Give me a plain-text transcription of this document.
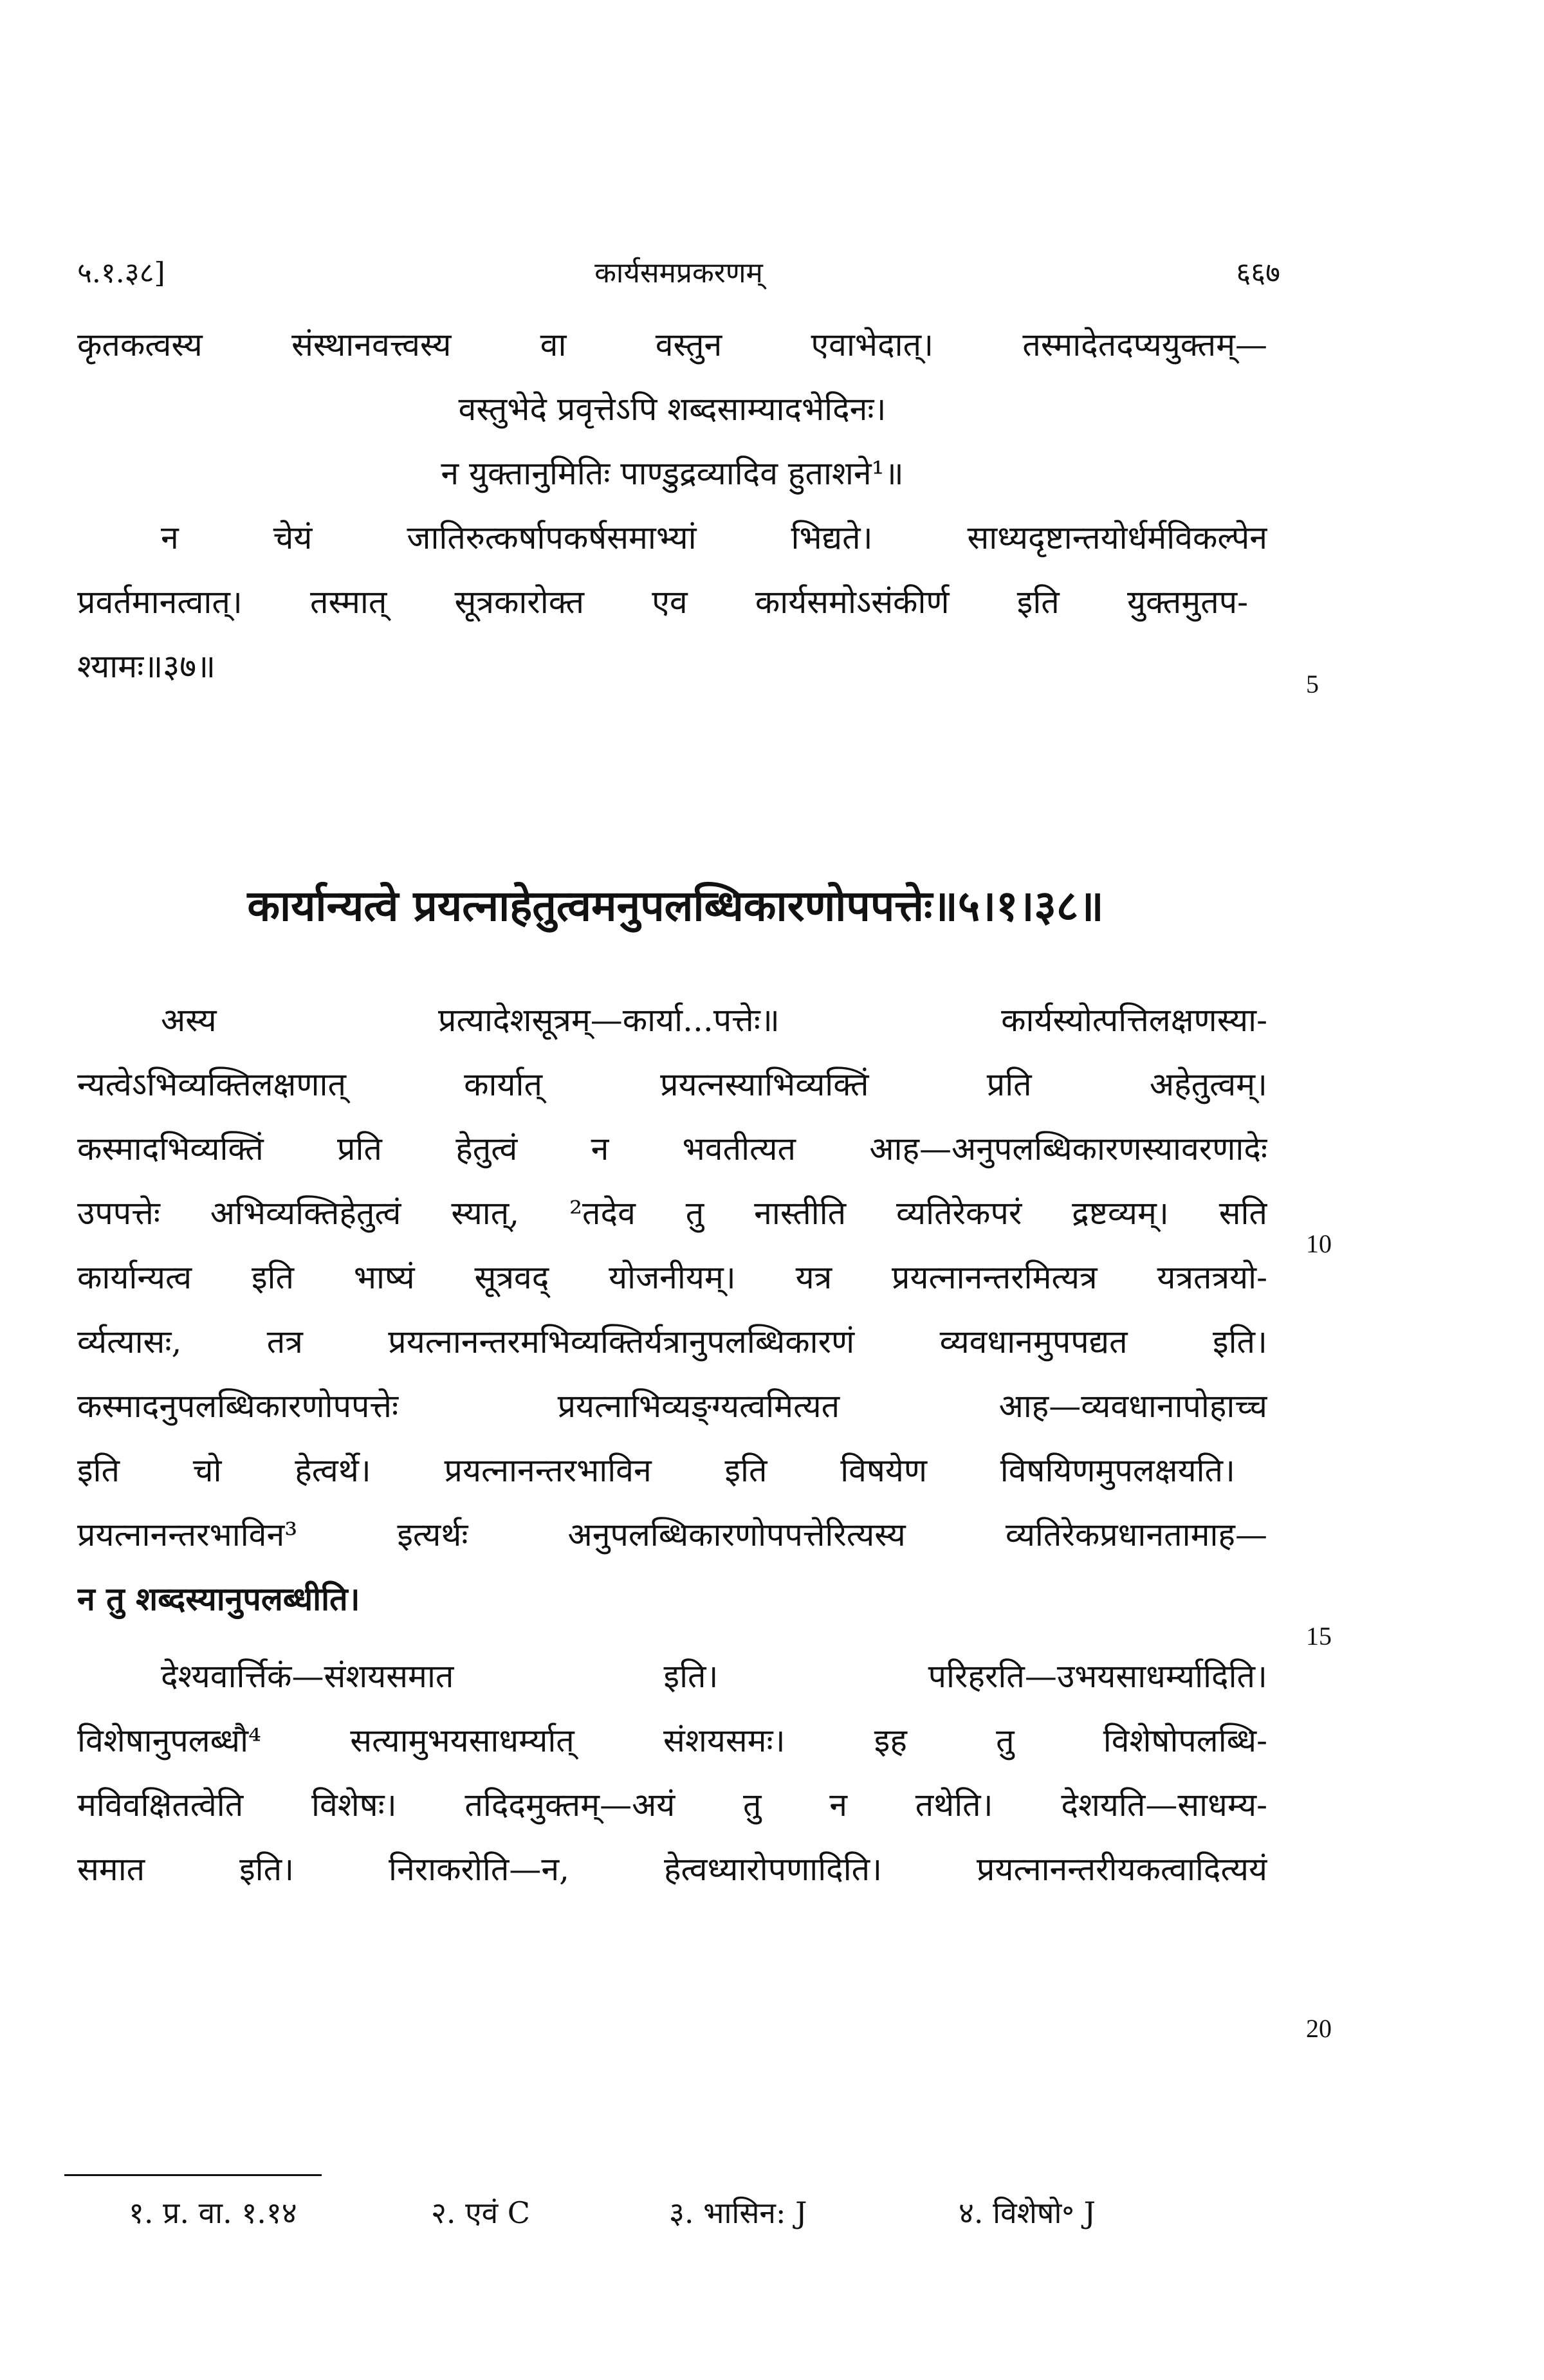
५.१.३८]	कार्यसमप्रकरणम्	६६७
कृतकत्वस्य संस्थानवत्त्वस्य वा वस्तुन एवाभेदात्। तस्मादेतदप्ययुक्तम्—
वस्तुभेदे प्रवृत्तेऽपि शब्दसाम्यादभेदिनः।
न युक्तानुमितिः पाण्डुद्रव्यादिव हुताशने¹॥
न चेयं जातिरुत्कर्षापकर्षसमाभ्यां भिद्यते। साध्यदृष्टान्तयोर्धर्मविकल्पेन
प्रवर्तमानत्वात्। तस्मात् सूत्रकारोक्त एव कार्यसमोऽसंकीर्ण इति युक्तमुतप-
श्यामः॥३७॥
कार्यान्यत्वे प्रयत्नाहेतुत्वमनुपलब्धिकारणोपपत्तेः॥५।१।३८॥
अस्य प्रत्यादेशसूत्रम्—कार्या...पत्तेः॥ कार्यस्योत्पत्तिलक्षणस्या-
न्यत्वेऽभिव्यक्तिलक्षणात् कार्यात् प्रयत्नस्याभिव्यक्तिं प्रति अहेतुत्वम्।
कस्मादभिव्यक्तिं प्रति हेतुत्वं न भवतीत्यत आह—अनुपलब्धिकारणस्यावरणादेः
उपपत्तेः अभिव्यक्तिहेतुत्वं स्यात्, ²तदेव तु नास्तीति व्यतिरेकपरं द्रष्टव्यम्। सति
कार्यान्यत्व इति भाष्यं सूत्रवद् योजनीयम्। यत्र प्रयत्नानन्तरमित्यत्र यत्रतत्रयो-
र्व्यत्यासः, तत्र प्रयत्नानन्तरमभिव्यक्तिर्यत्रानुपलब्धिकारणं व्यवधानमुपपद्यत इति।
कस्मादनुपलब्धिकारणोपपत्तेः प्रयत्नाभिव्यङ्ग्यत्वमित्यत आह—व्यवधानापोहाच्च
इति चो हेत्वर्थे। प्रयत्नानन्तरभाविन इति विषयेण विषयिणमुपलक्षयति।
प्रयत्नानन्तरभाविन³ इत्यर्थः अनुपलब्धिकारणोपपत्तेरित्यस्य व्यतिरेकप्रधानतामाह—
न तु शब्दस्यानुपलब्धीति।
देश्यवार्त्तिकं—संशयसमात इति। परिहरति—उभयसाधर्म्यादिति।
विशेषानुपलब्धौ⁴ सत्यामुभयसाधर्म्यात् संशयसमः। इह तु विशेषोपलब्धि-
मविवक्षितत्वेति विशेषः। तदिदमुक्तम्—अयं तु न तथेति। देशयति—साधम्य-
समात इति। निराकरोति—न, हेत्वध्यारोपणादिति। प्रयत्नानन्तरीयकत्वादित्ययं
5
10
15
20
१. प्र. वा. १.१४	२. एवं C	३. भासिन: J	४. विशेषो॰ J
